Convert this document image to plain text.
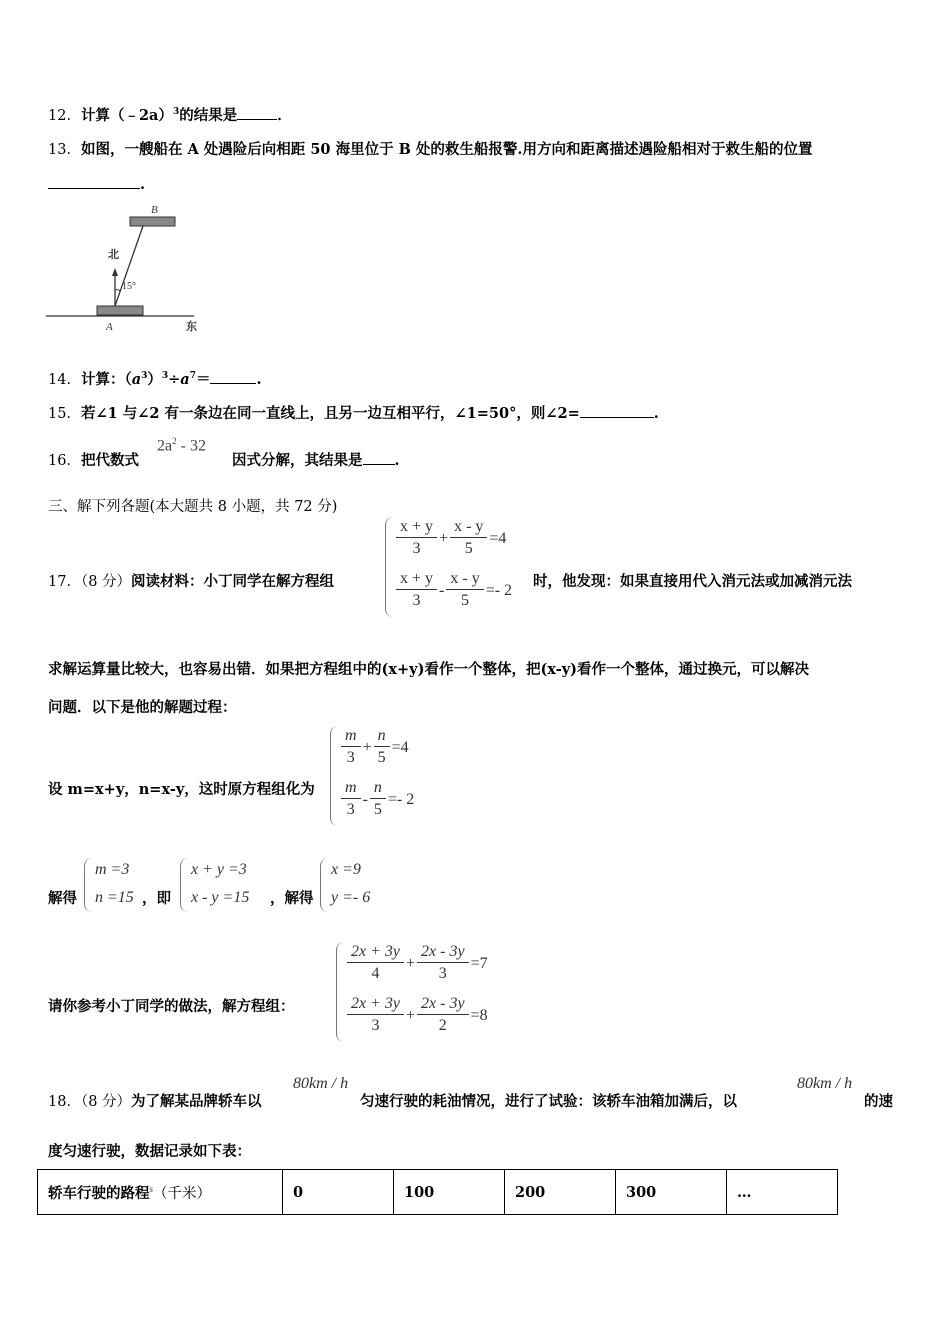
12．计算（﹣2a）$^3$的结果是	．
13．如图，一艘船在 A 处遇险后向相距 50 海里位于 B 处的救生船报警.用方向和距离描述遇险船相对于救生船的位置
.
B
A
北
东
15°
14．计算：$(a^3)^3\div a^7=$	.
15．若∠1 与∠2 有一条边在同一直线上，且另一边互相平行，∠1=50°，则∠2=	.
16．把代数式
$2a^2 - 32$
因式分解，其结果是 .
三、解下列各题(本大题共 8 小题，共 72 分)
x + y
3
+ $\frac{x - y}{5} =4$
x + y
3
- $\frac{x - y}{5} =- 2$
17．（8 分）阅读材料：小丁同学在解方程组	时，他发现：如果直接用代入消元法或加减消元法
求解运算量比较大，也容易出错．如果把方程组中的(x+y)看作一个整体，把(x-y)看作一个整体，通过换元，可以解决
问题．以下是他的解题过程：
设 m=x+y，n=x-y，这时原方程组化为
m
3
+ $\frac{n}{5} =4$
m
3
- $\frac{n}{5} =- 2$
解得
m =3
n =15 ，即
x + y =3
x - y =15 ，解得
x =9
y =- 6
请你参考小丁同学的做法，解方程组：
2x + 3y
4
+ $\frac{2x - 3y}{3} =7$
2x + 3y
3
+ $\frac{2x - 3y}{2} =8$
18．（8 分）为了解某品牌轿车以
80km / h
匀速行驶的耗油情况，进行了试验：该轿车油箱加满后，以
80km / h
的速
度匀速行驶，数据记录如下表：
轿车行驶的路程$^s$（千米）	0	100	200	300	…
